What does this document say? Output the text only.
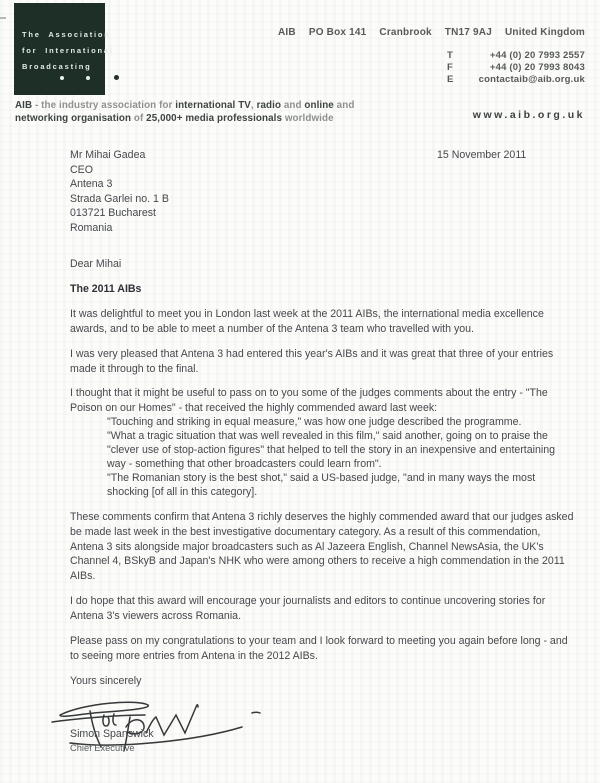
The Association
for International
Broadcasting
AIB PO Box 141 Cranbrook TN17 9AJ United Kingdom
T	+44 (0) 20 7993 2557
F	+44 (0) 20 7993 8043
E	contactaib@aib.org.uk
AIB - the industry association for international TV, radio and online and networking organisation of 25,000+ media professionals worldwide	www.aib.org.uk
15 November 2011
Mr Mihai Gadea
CEO
Antena 3
Strada Garlei no. 1 B
013721 Bucharest
Romania

Dear Mihai

The 2011 AIBs

It was delightful to meet you in London last week at the 2011 AIBs, the international media excellence awards, and to be able to meet a number of the Antena 3 team who travelled with you.

I was very pleased that Antena 3 had entered this year's AIBs and it was great that three of your entries made it through to the final.

I thought that it might be useful to pass on to you some of the judges comments about the entry - "The Poison on our Homes" - that received the highly commended award last week:

"Touching and striking in equal measure," was how one judge described the programme.

"What a tragic situation that was well revealed in this film," said another, going on to praise the "clever use of stop-action figures" that helped to tell the story in an inexpensive and entertaining way - something that other broadcasters could learn from".

"The Romanian story is the best shot," said a US-based judge, "and in many ways the most shocking [of all in this category].

These comments confirm that Antena 3 richly deserves the highly commended award that our judges asked be made last week in the best investigative documentary category. As a result of this commendation, Antena 3 sits alongside major broadcasters such as Al Jazeera English, Channel NewsAsia, the UK's Channel 4, BSkyB and Japan's NHK who were among others to receive a high commendation in the 2011 AIBs.

I do hope that this award will encourage your journalists and editors to continue uncovering stories for Antena 3's viewers across Romania.

Please pass on my congratulations to your team and I look forward to meeting you again before long - and to seeing more entries from Antena in the 2012 AIBs.

Yours sincerely

Simon Spanswick
Chief Executive
